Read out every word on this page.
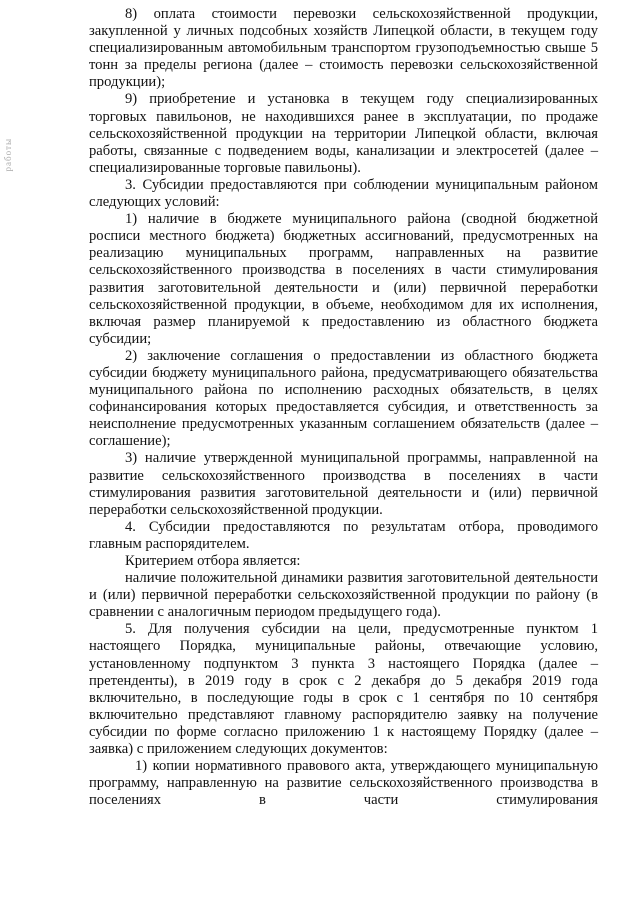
работы

8) оплата стоимости перевозки сельскохозяйственной продукции, закупленной у личных подсобных хозяйств Липецкой области, в текущем году специализированным автомобильным транспортом грузоподъемностью свыше 5 тонн за пределы региона (далее – стоимость перевозки сельскохозяйственной продукции);

9) приобретение и установка в текущем году специализированных торговых павильонов, не находившихся ранее в эксплуатации, по продаже сельскохозяйственной продукции на территории Липецкой области, включая работы, связанные с подведением воды, канализации и электросетей (далее – специализированные торговые павильоны).

3. Субсидии предоставляются при соблюдении муниципальным районом следующих условий:

1) наличие в бюджете муниципального района (сводной бюджетной росписи местного бюджета) бюджетных ассигнований, предусмотренных на реализацию муниципальных программ, направленных на развитие сельскохозяйственного производства в поселениях в части стимулирования развития заготовительной деятельности и (или) первичной переработки сельскохозяйственной продукции, в объеме, необходимом для их исполнения, включая размер планируемой к предоставлению из областного бюджета субсидии;

2) заключение соглашения о предоставлении из областного бюджета субсидии бюджету муниципального района, предусматривающего обязательства муниципального района по исполнению расходных обязательств, в целях софинансирования которых предоставляется субсидия, и ответственность за неисполнение предусмотренных указанным соглашением обязательств (далее – соглашение);

3) наличие утвержденной муниципальной программы, направленной на развитие сельскохозяйственного производства в поселениях в части стимулирования развития заготовительной деятельности и (или) первичной переработки сельскохозяйственной продукции.

4. Субсидии предоставляются по результатам отбора, проводимого главным распорядителем.

Критерием отбора является:

наличие положительной динамики развития заготовительной деятельности и (или) первичной переработки сельскохозяйственной продукции по району (в сравнении с аналогичным периодом предыдущего года).

5. Для получения субсидии на цели, предусмотренные пунктом 1 настоящего Порядка, муниципальные районы, отвечающие условию, установленному подпунктом 3 пункта 3 настоящего Порядка (далее – претенденты), в 2019 году в срок с 2 декабря до 5 декабря 2019 года включительно, в последующие годы в срок с 1 сентября по 10 сентября включительно представляют главному распорядителю заявку на получение субсидии по форме согласно приложению 1 к настоящему Порядку (далее – заявка) с приложением следующих документов:

1) копии нормативного правового акта, утверждающего муниципальную программу, направленную на развитие сельскохозяйственного производства в поселениях в части стимулирования
